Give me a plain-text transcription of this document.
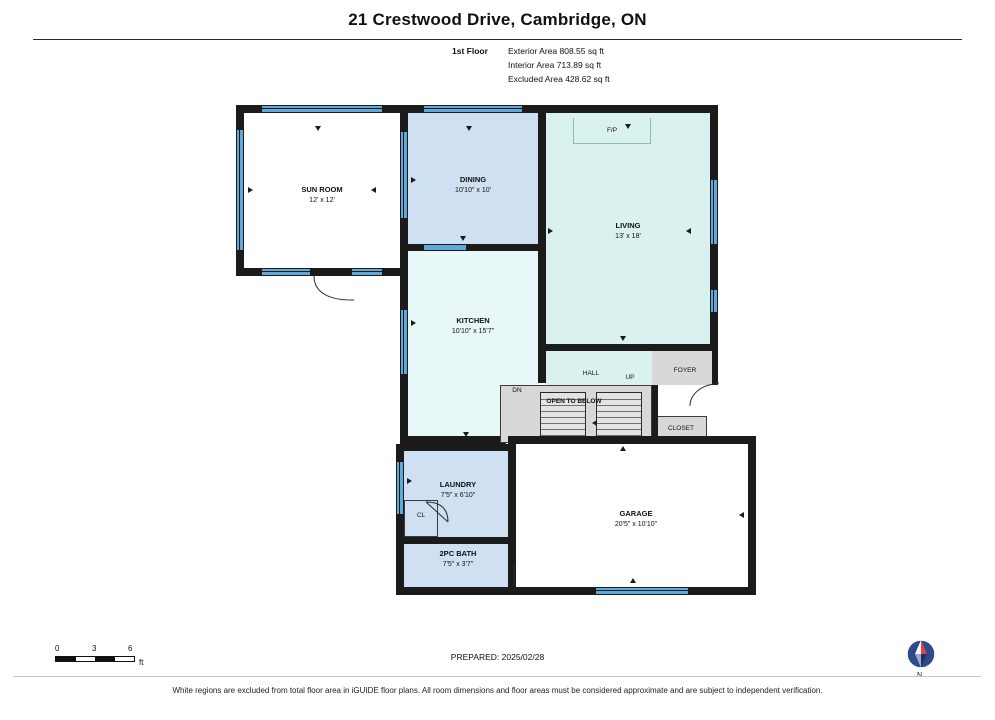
21 Crestwood Drive, Cambridge, ON
1st Floor Exterior Area 808.55 sq ft
Interior Area 713.89 sq ft
Excluded Area 428.62 sq ft
SUN ROOM
12' x 12'
DINING
10'10" x 10'
F/P
LIVING
13' x 18'
KITCHEN
10'10" x 15'7"
HALL	FOYER
CLOSET
DN
UP
OPEN TO BELOW
LAUNDRY
7'5" x 6'10"
CL
2PC BATH
7'5" x 3'7"
GARAGE
20'5" x 10'10"
0	3	6
ft
PREPARED: 2025/02/28
White regions are excluded from total floor area in iGUIDE floor plans. All room dimensions and floor areas must be considered approximate and are subject to independent verification.
